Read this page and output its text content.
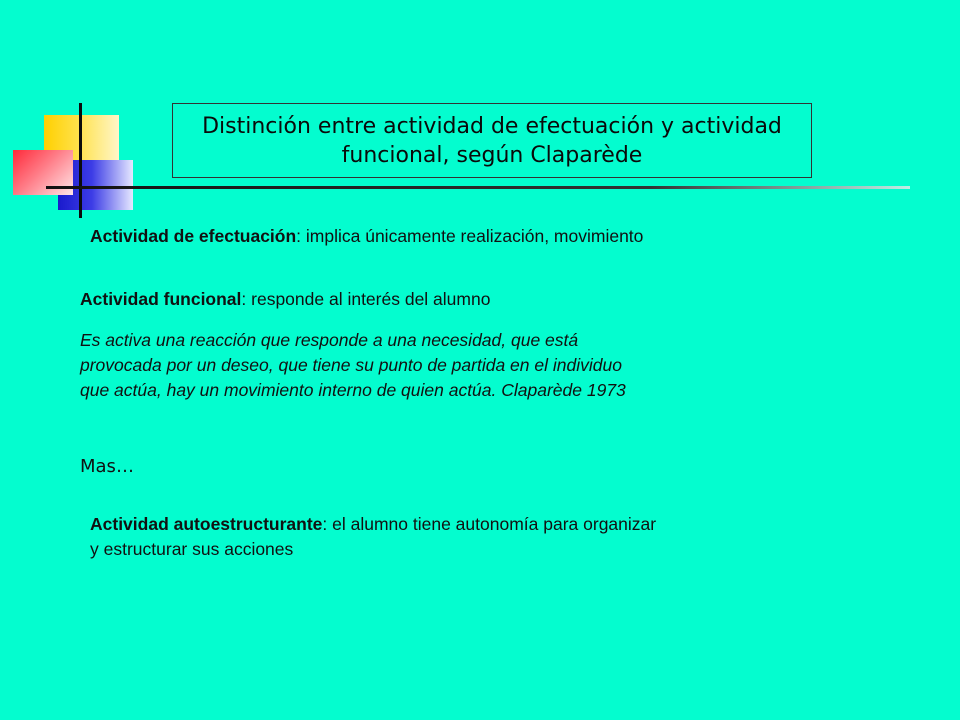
Distinción entre actividad de efectuación y actividad funcional, según Claparède
Actividad de efectuación: implica únicamente realización, movimiento
Actividad funcional: responde al interés del alumno
Es activa una reacción que responde a una necesidad, que está
provocada por un deseo, que tiene su punto de partida en el individuo
que actúa, hay un movimiento interno de quien actúa. Claparède 1973
Mas…
Actividad autoestructurante: el alumno tiene autonomía para organizar
y estructurar sus acciones
